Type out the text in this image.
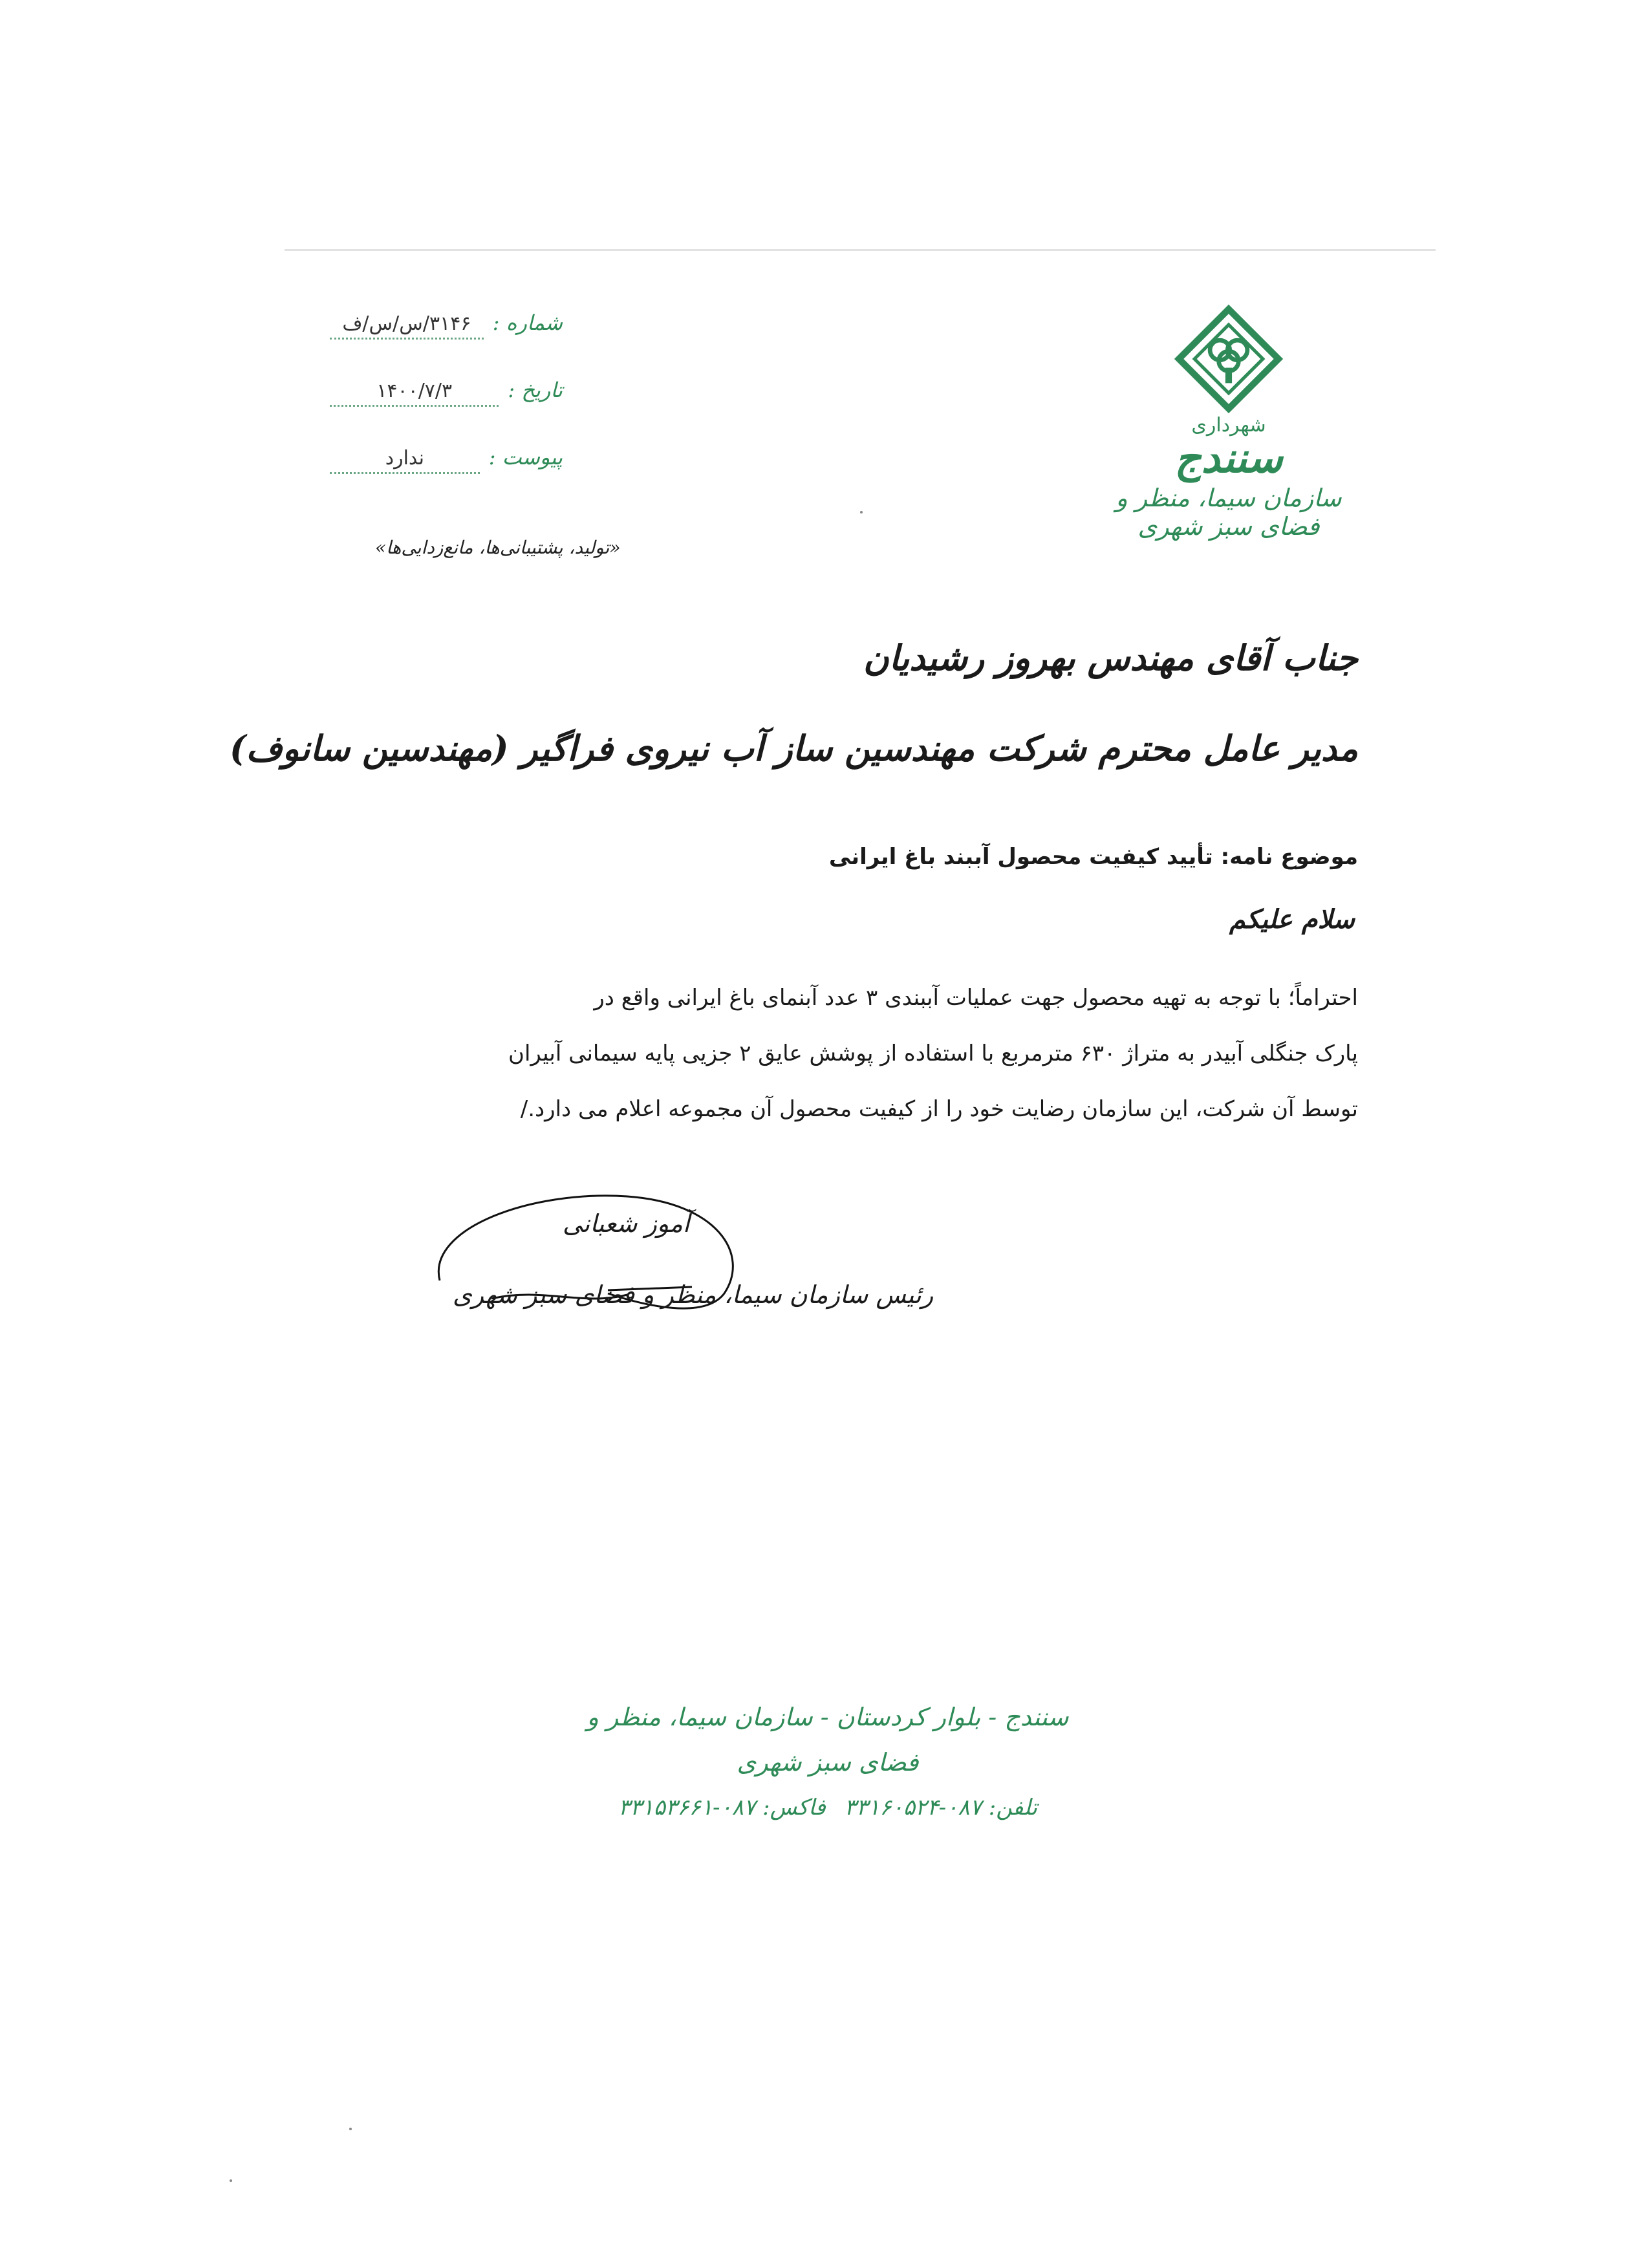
شهرداری
سنندج
سازمان سیما، منظر و فضای سبز شهری
شماره :
۳۱۴۶/س/س/ف
تاریخ :
۱۴۰۰/۷/۳
پیوست :
ندارد
«تولید، پشتیبانی‌ها، مانع‌زدایی‌ها»
جناب آقای مهندس بهروز رشیدیان
مدیر عامل محترم شرکت مهندسین ساز آب نیروی فراگیر (مهندسین سانوف)
موضوع نامه: تأیید کیفیت محصول آببند باغ ایرانی
سلام علیکم
احتراماً؛ با توجه به تهیه محصول جهت عملیات آببندی ۳ عدد آبنمای باغ ایرانی واقع در
پارک جنگلی آبیدر به متراژ ۶۳۰ مترمربع با استفاده از پوشش عایق ۲ جزیی پایه سیمانی آبیران
توسط آن شرکت، این سازمان رضایت خود را از کیفیت محصول آن مجموعه اعلام می دارد./
آموز شعبانی
رئیس سازمان سیما، منظر و فضای سبز شهری
سنندج - بلوار کردستان - سازمان سیما، منظر و فضای سبز شهری
تلفن: ۰۸۷-۳۳۱۶۰۵۲۴ فاکس: ۰۸۷-۳۳۱۵۳۶۶۱
